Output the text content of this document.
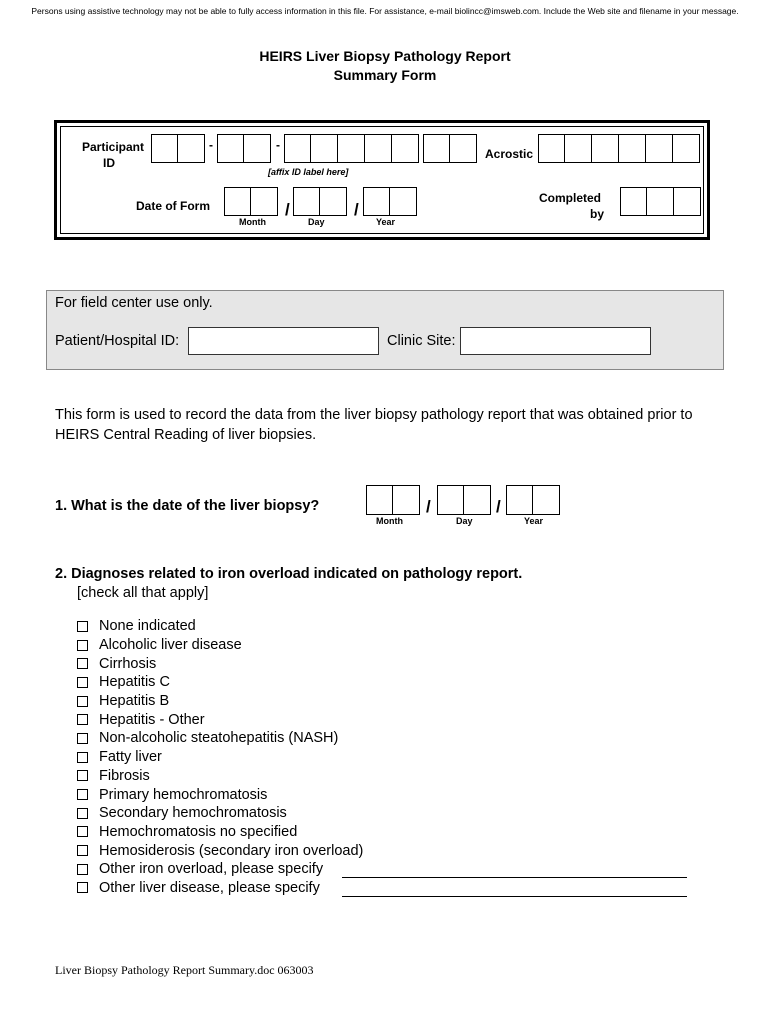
Persons using assistive technology may not be able to fully access information in this file. For assistance, e-mail biolincc@imsweb.com. Include the Web site and filename in your message.
HEIRS Liver Biopsy Pathology Report
Summary Form
Participant
ID
-	-
[affix ID label here]
Acrostic
Date of Form	/	/
Month	Day	Year
Completed
by
For field center use only.
Patient/Hospital ID:	Clinic Site:
This form is used to record the data from the liver biopsy pathology report that was obtained prior to HEIRS Central Reading of liver biopsies.
1. What is the date of the liver biopsy?	/	/
Month	Day	Year
2. Diagnoses related to iron overload indicated on pathology report.
[check all that apply]
None indicated
Alcoholic liver disease
Cirrhosis
Hepatitis C
Hepatitis B
Hepatitis - Other
Non-alcoholic steatohepatitis (NASH)
Fatty liver
Fibrosis
Primary hemochromatosis
Secondary hemochromatosis
Hemochromatosis no specified
Hemosiderosis (secondary iron overload)
Other iron overload, please specify
Other liver disease, please specify
Liver Biopsy Pathology Report Summary.doc 063003
